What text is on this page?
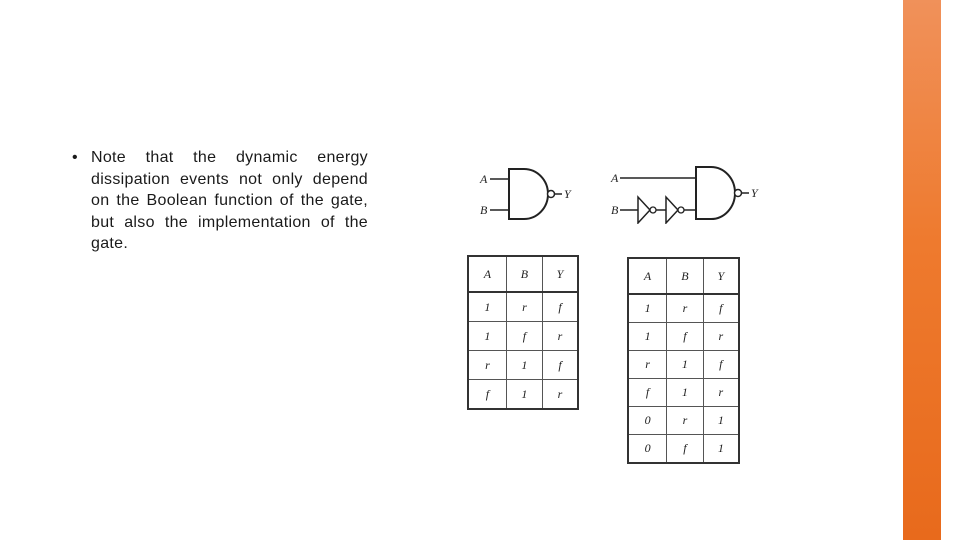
• Note that the dynamic energy dissipation events not only depend on the Boolean function of the gate, but also the implementation of the gate.
A
B
Y
A
B
Y
A	B	Y
1	r	f
1	f	r
r	1	f
f	1	r
A	B	Y
1	r	f
1	f	r
r	1	f
f	1	r
0	r	1
0	f	1
